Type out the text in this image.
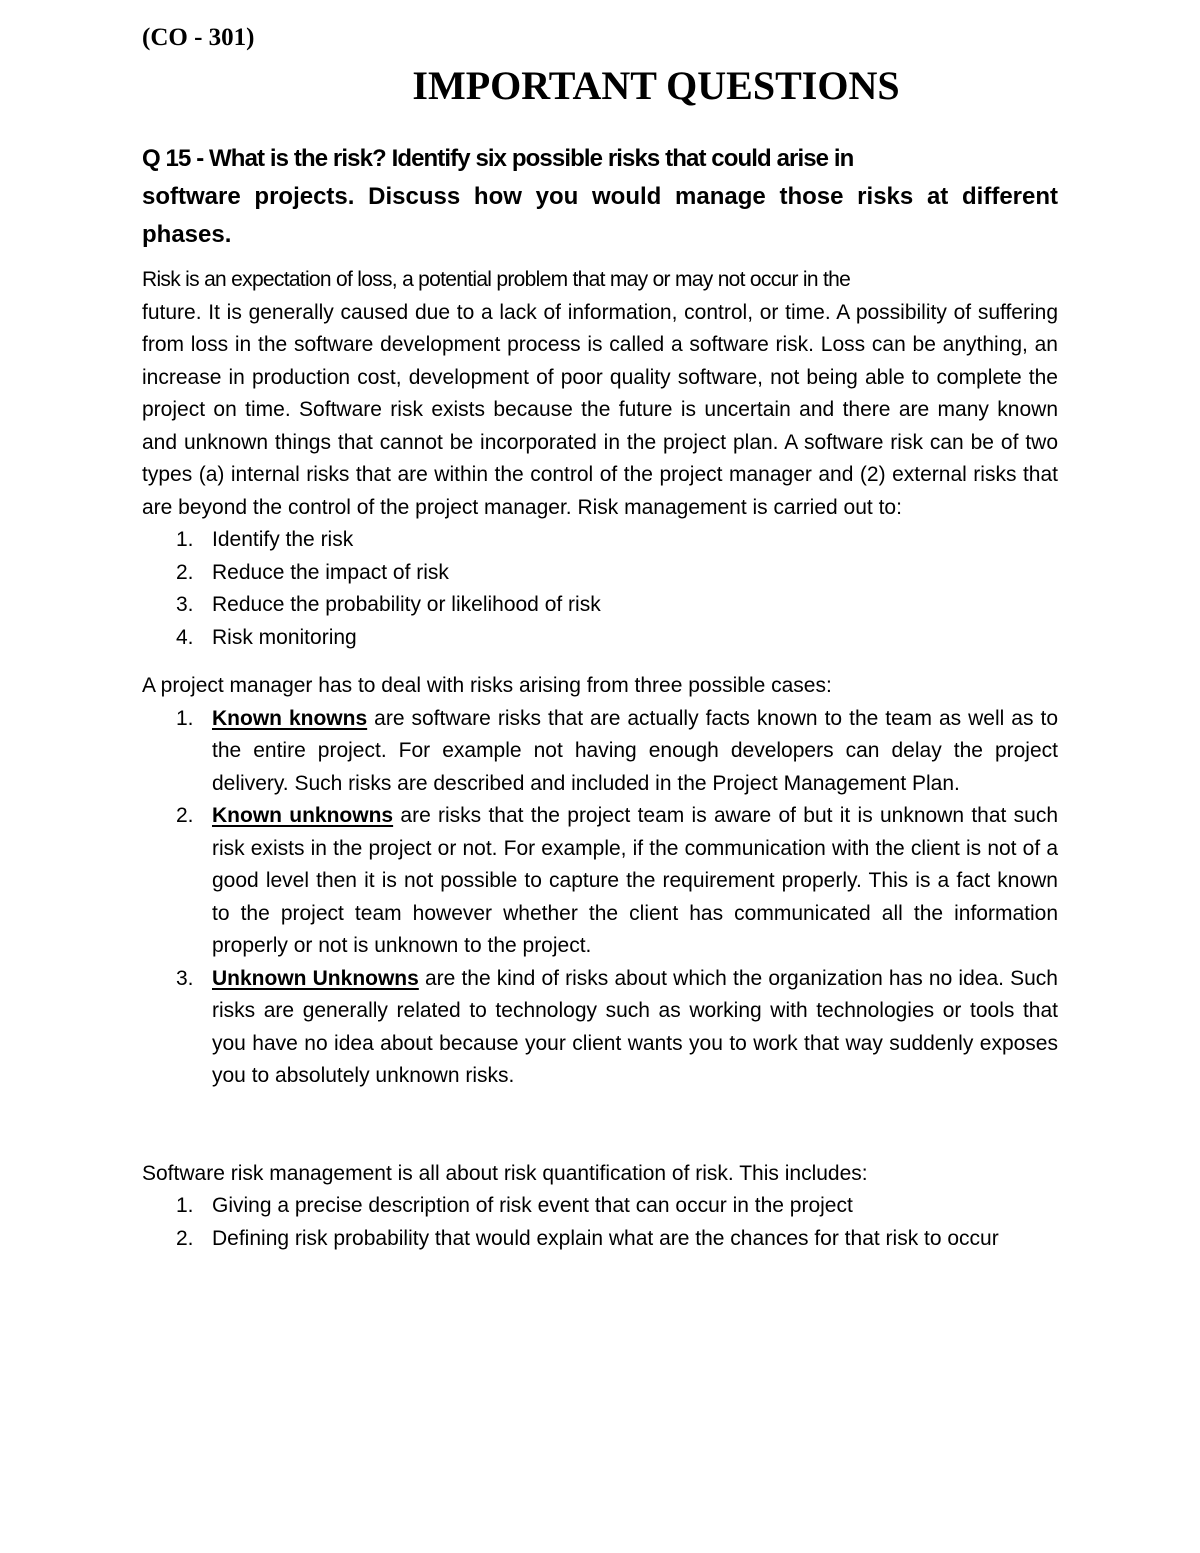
(CO - 301)

IMPORTANT QUESTIONS

Q 15 - What is the risk? Identify six possible risks that could arise in
software projects. Discuss how you would manage those risks at different phases.

Risk is an expectation of loss, a potential problem that may or may not occur in the

future. It is generally caused due to a lack of information, control, or time. A possibility of suffering from loss in the software development process is called a software risk. Loss can be anything, an increase in production cost, development of poor quality software, not being able to complete the project on time. Software risk exists because the future is uncertain and there are many known and unknown things that cannot be incorporated in the project plan. A software risk can be of two types (a) internal risks that are within the control of the project manager and (2) external risks that are beyond the control of the project manager. Risk management is carried out to:

1. Identify the risk
2. Reduce the impact of risk
3. Reduce the probability or likelihood of risk
4. Risk monitoring

A project manager has to deal with risks arising from three possible cases:

1. Known knowns are software risks that are actually facts known to the team as well as to the entire project. For example not having enough developers can delay the project delivery. Such risks are described and included in the Project Management Plan.
2. Known unknowns are risks that the project team is aware of but it is unknown that such risk exists in the project or not. For example, if the communication with the client is not of a good level then it is not possible to capture the requirement properly. This is a fact known to the project team however whether the client has communicated all the information properly or not is unknown to the project.
3. Unknown Unknowns are the kind of risks about which the organization has no idea. Such risks are generally related to technology such as working with technologies or tools that you have no idea about because your client wants you to work that way suddenly exposes you to absolutely unknown risks.

Software risk management is all about risk quantification of risk. This includes:

1. Giving a precise description of risk event that can occur in the project
2. Defining risk probability that would explain what are the chances for that risk to occur
